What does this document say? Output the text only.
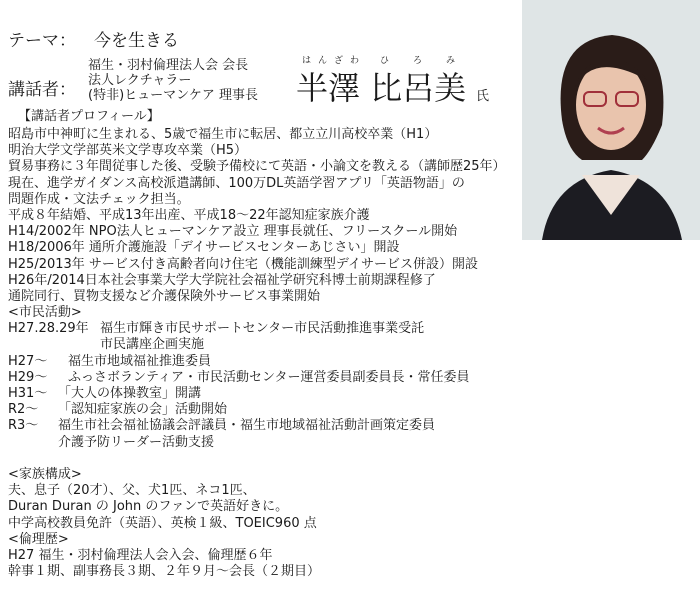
テーマ： 今を生きる
講話者：
福生・羽村倫理法人会 会長
法人レクチャラー
(特非)ヒューマンケア 理事長
はんざわ ひろみ
半澤 比呂美 氏
【講話者プロフィール】
昭島市中神町に生まれる、5歳で福生市に転居、都立立川高校卒業（H1）
明治大学文学部英米文学専攻卒業（H5）
貿易事務に３年間従事した後、受験予備校にて英語・小論文を教える（講師歴25年）
現在、進学ガイダンス高校派遣講師、100万DL英語学習アプリ「英語物語」の
問題作成・文法チェック担当。
平成８年結婚、平成13年出産、平成18〜22年認知症家族介護
H14/2002年 NPO法人ヒューマンケア設立 理事長就任、フリースクール開始
H18/2006年 通所介護施設「デイサービスセンターあじさい」開設
H25/2013年 サービス付き高齢者向け住宅（機能訓練型デイサービス併設）開設
H26年/2014日本社会事業大学大学院社会福祉学研究科博士前期課程修了
通院同行、買物支援など介護保険外サービス事業開始
<市民活動>
H27.28.29年 福生市輝き市民サポートセンター市民活動推進事業受託
市民講座企画実施
H27〜	福生市地域福祉推進委員
H29〜	ふっさボランティア・市民活動センター運営委員副委員長・常任委員
H31〜 「大人の体操教室」開講
R2〜	「認知症家族の会」活動開始
R3〜	福生市社会福祉協議会評議員・福生市地域福祉活動計画策定委員
介護予防リーダー活動支援
<家族構成>
夫、息子（20才）、父、犬1匹、ネコ1匹、
Duran Duran の John のファンで英語好きに。
中学高校教員免許（英語）、英検１級、TOEIC960 点
<倫理歴>
H27 福生・羽村倫理法人会入会、倫理歴６年
幹事１期、副事務長３期、２年９月〜会長（２期目）
